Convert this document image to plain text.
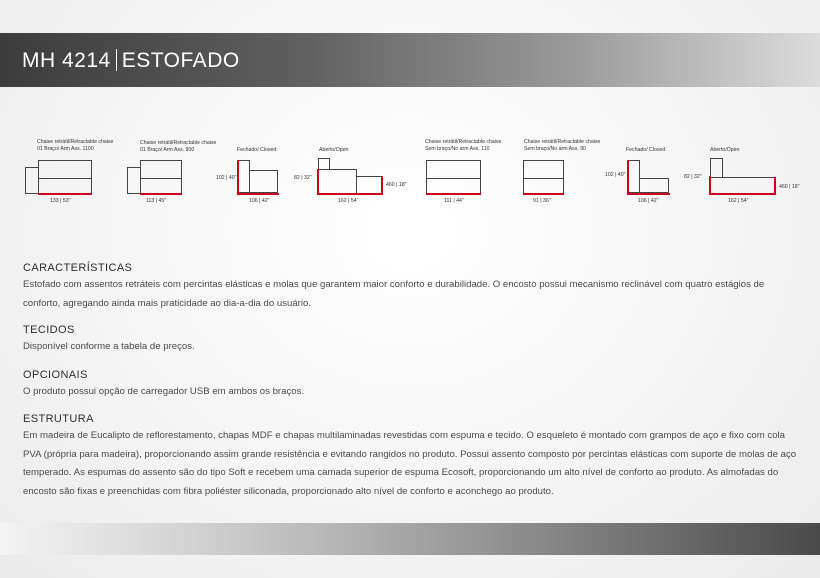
MH 4214 ESTOFADO
Chaise retrátil/Retractable chaise
01 Braço/ Arm Ass. 1100
133 | 53"
Chaise retrátil/Retractable chaise
01 Braço/ Arm Ass. 900
113 | 45"
Fechado/ Closed
102 | 40"
106 | 42"
Aberto/Open
82 | 32"
460 | 18"
162 | 54"
Chaise retrátil/Retractable chaise
Sem braço/No arm Ass. 110
111 | 44"
Chaise retrátil/Retractable chaise
Sem braço/No arm Ass. 90
91 | 36"
Fechado/ Closed
102 | 40"
106 | 42"
Aberto/Open
82 | 32"
460 | 18"
162 | 54"

CARACTERÍSTICAS

Estofado com assentos retráteis com percintas elásticas e molas que garantem maior conforto e durabilidade. O encosto possui mecanismo reclinável com quatro estágios de conforto, agregando ainda mais praticidade ao dia-a-dia do usuário.

TECIDOS

Disponível conforme a tabela de preços.

OPCIONAIS

O produto possui opção de carregador USB em ambos os braços.

ESTRUTURA

Em madeira de Eucalipto de reflorestamento, chapas MDF e chapas multilaminadas revestidas com espuma e tecido. O esqueleto é montado com grampos de aço e fixo com cola PVA (própria para madeira), proporcionando assim grande resistência e evitando rangidos no produto. Possui assento composto por percintas elásticas com suporte de molas de aço temperado. As espumas do assento são do tipo Soft e recebem uma camada superior de espuma Ecosoft, proporcionando um alto nível de conforto ao produto. As almofadas do encosto são fixas e preenchidas com fibra poliéster siliconada, proporcionado alto nível de conforto e aconchego ao produto.
